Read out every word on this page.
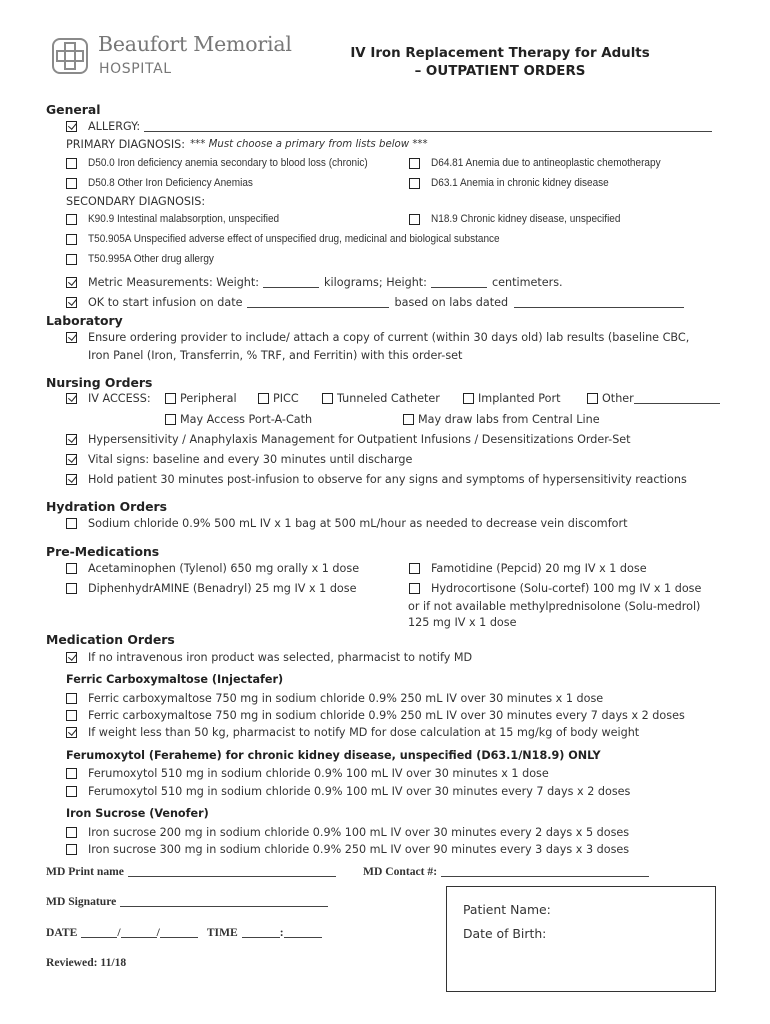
Beaufort Memorial
HOSPITAL
IV Iron Replacement Therapy for Adults
– OUTPATIENT ORDERS
General
ALLERGY:
PRIMARY DIAGNOSIS: *** Must choose a primary from lists below ***
D50.0 Iron deficiency anemia secondary to blood loss (chronic)	D64.81 Anemia due to antineoplastic chemotherapy
D50.8 Other Iron Deficiency Anemias	D63.1 Anemia in chronic kidney disease
SECONDARY DIAGNOSIS:
K90.9 Intestinal malabsorption, unspecified	N18.9 Chronic kidney disease, unspecified
T50.905A Unspecified adverse effect of unspecified drug, medicinal and biological substance
T50.995A Other drug allergy
Metric Measurements: Weight:	kilograms; Height:	centimeters.
OK to start infusion on date	based on labs dated
Laboratory
Ensure ordering provider to include/ attach a copy of current (within 30 days old) lab results (baseline CBC,
Iron Panel (Iron, Transferrin, % TRF, and Ferritin) with this order-set
Nursing Orders
IV ACCESS:	Peripheral	PICC	Tunneled Catheter	Implanted Port	Other
May Access Port-A-Cath	May draw labs from Central Line
Hypersensitivity / Anaphylaxis Management for Outpatient Infusions / Desensitizations Order-Set
Vital signs: baseline and every 30 minutes until discharge
Hold patient 30 minutes post-infusion to observe for any signs and symptoms of hypersensitivity reactions
Hydration Orders
Sodium chloride 0.9% 500 mL IV x 1 bag at 500 mL/hour as needed to decrease vein discomfort
Pre-Medications
Acetaminophen (Tylenol) 650 mg orally x 1 dose	Famotidine (Pepcid) 20 mg IV x 1 dose
DiphenhydrAMINE (Benadryl) 25 mg IV x 1 dose	Hydrocortisone (Solu-cortef) 100 mg IV x 1 dose
or if not available methylprednisolone (Solu-medrol)
125 mg IV x 1 dose
Medication Orders
If no intravenous iron product was selected, pharmacist to notify MD
Ferric Carboxymaltose (Injectafer)
Ferric carboxymaltose 750 mg in sodium chloride 0.9% 250 mL IV over 30 minutes x 1 dose
Ferric carboxymaltose 750 mg in sodium chloride 0.9% 250 mL IV over 30 minutes every 7 days x 2 doses
If weight less than 50 kg, pharmacist to notify MD for dose calculation at 15 mg/kg of body weight
Ferumoxytol (Feraheme) for chronic kidney disease, unspecified (D63.1/N18.9) ONLY
Ferumoxytol 510 mg in sodium chloride 0.9% 100 mL IV over 30 minutes x 1 dose
Ferumoxytol 510 mg in sodium chloride 0.9% 100 mL IV over 30 minutes every 7 days x 2 doses
Iron Sucrose (Venofer)
Iron sucrose 200 mg in sodium chloride 0.9% 100 mL IV over 30 minutes every 2 days x 5 doses
Iron sucrose 300 mg in sodium chloride 0.9% 250 mL IV over 90 minutes every 3 days x 3 doses
MD Print name	MD Contact #:
MD Signature
DATE	/	/	TIME	:
Reviewed: 11/18
Patient Name:
Date of Birth:
